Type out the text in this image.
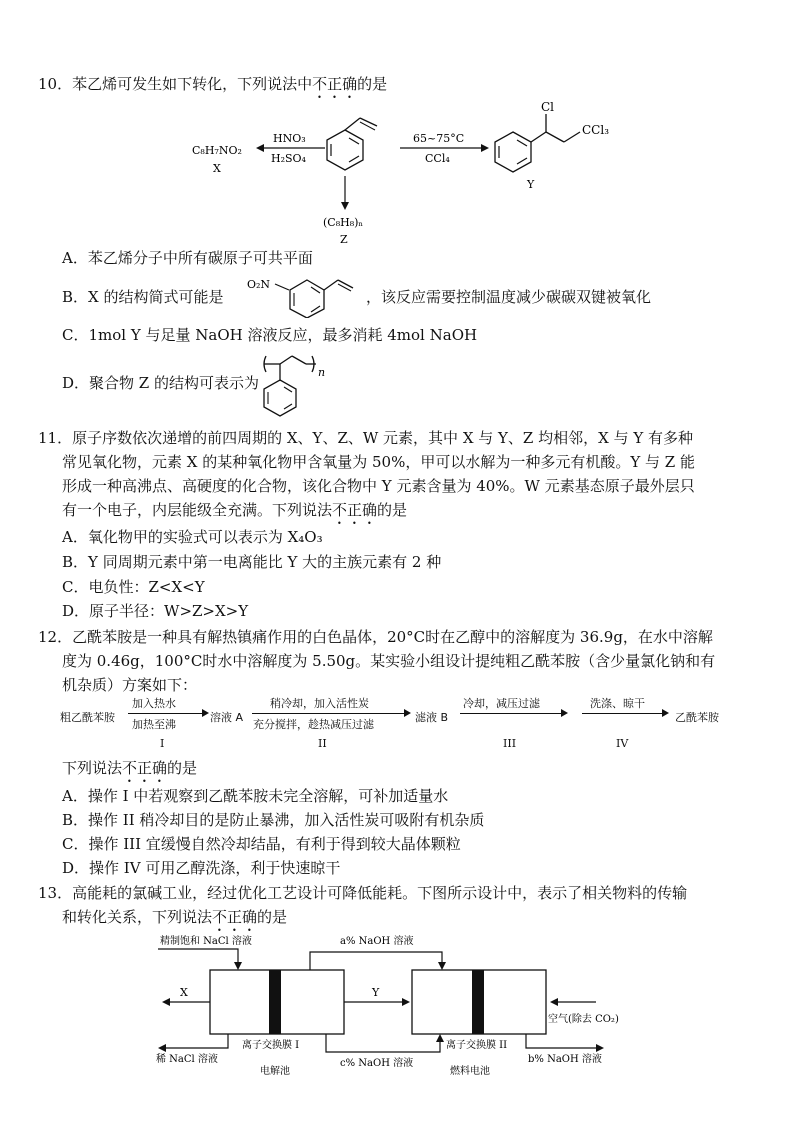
10．苯乙烯可发生如下转化，下列说法中不正确的是
C₈H₇NO₂
X
HNO₃
H₂SO₄
65~75°C
CCl₄
Cl
CCl₃
Y
(C₈H₈)ₙ
Z
A．苯乙烯分子中所有碳原子可共平面
B．X 的结构简式可能是
O₂N
，该反应需要控制温度减少碳碳双键被氧化
C．1mol Y 与足量 NaOH 溶液反应，最多消耗 4mol NaOH
D．聚合物 Z 的结构可表示为
n
11．原子序数依次递增的前四周期的 X、Y、Z、W 元素，其中 X 与 Y、Z 均相邻，X 与 Y 有多种
常见氧化物，元素 X 的某种氧化物甲含氧量为 50%，甲可以水解为一种多元有机酸。Y 与 Z 能
形成一种高沸点、高硬度的化合物，该化合物中 Y 元素含量为 40%。W 元素基态原子最外层只
有一个电子，内层能级全充满。下列说法不正确的是
A．氧化物甲的实验式可以表示为 X₄O₃
B．Y 同周期元素中第一电离能比 Y 大的主族元素有 2 种
C．电负性：Z<X<Y
D．原子半径：W>Z>X>Y
12．乙酰苯胺是一种具有解热镇痛作用的白色晶体，20°C时在乙醇中的溶解度为 36.9g，在水中溶解
度为 0.46g，100°C时水中溶解度为 5.50g。某实验小组设计提纯粗乙酰苯胺（含少量氯化钠和有
机杂质）方案如下：
粗乙酰苯胺
加入热水
加热至沸
I
溶液 A
稍冷却，加入活性炭
充分搅拌，趁热减压过滤
II
滤液 B
冷却，减压过滤
III
洗涤、晾干
IV
乙酰苯胺
下列说法不正确的是
A．操作 I 中若观察到乙酰苯胺未完全溶解，可补加适量水
B．操作 II 稍冷却目的是防止暴沸，加入活性炭可吸附有机杂质
C．操作 III 宜缓慢自然冷却结晶，有利于得到较大晶体颗粒
D．操作 IV 可用乙醇洗涤，利于快速晾干
13．高能耗的氯碱工业，经过优化工艺设计可降低能耗。下图所示设计中，表示了相关物料的传输
和转化关系，下列说法不正确的是
精制饱和 NaCl 溶液	a% NaOH 溶液
X	Y
空气(除去 CO₂)
稀 NaCl 溶液
离子交换膜 I
c% NaOH 溶液
离子交换膜 II
b% NaOH 溶液
电解池	燃料电池
